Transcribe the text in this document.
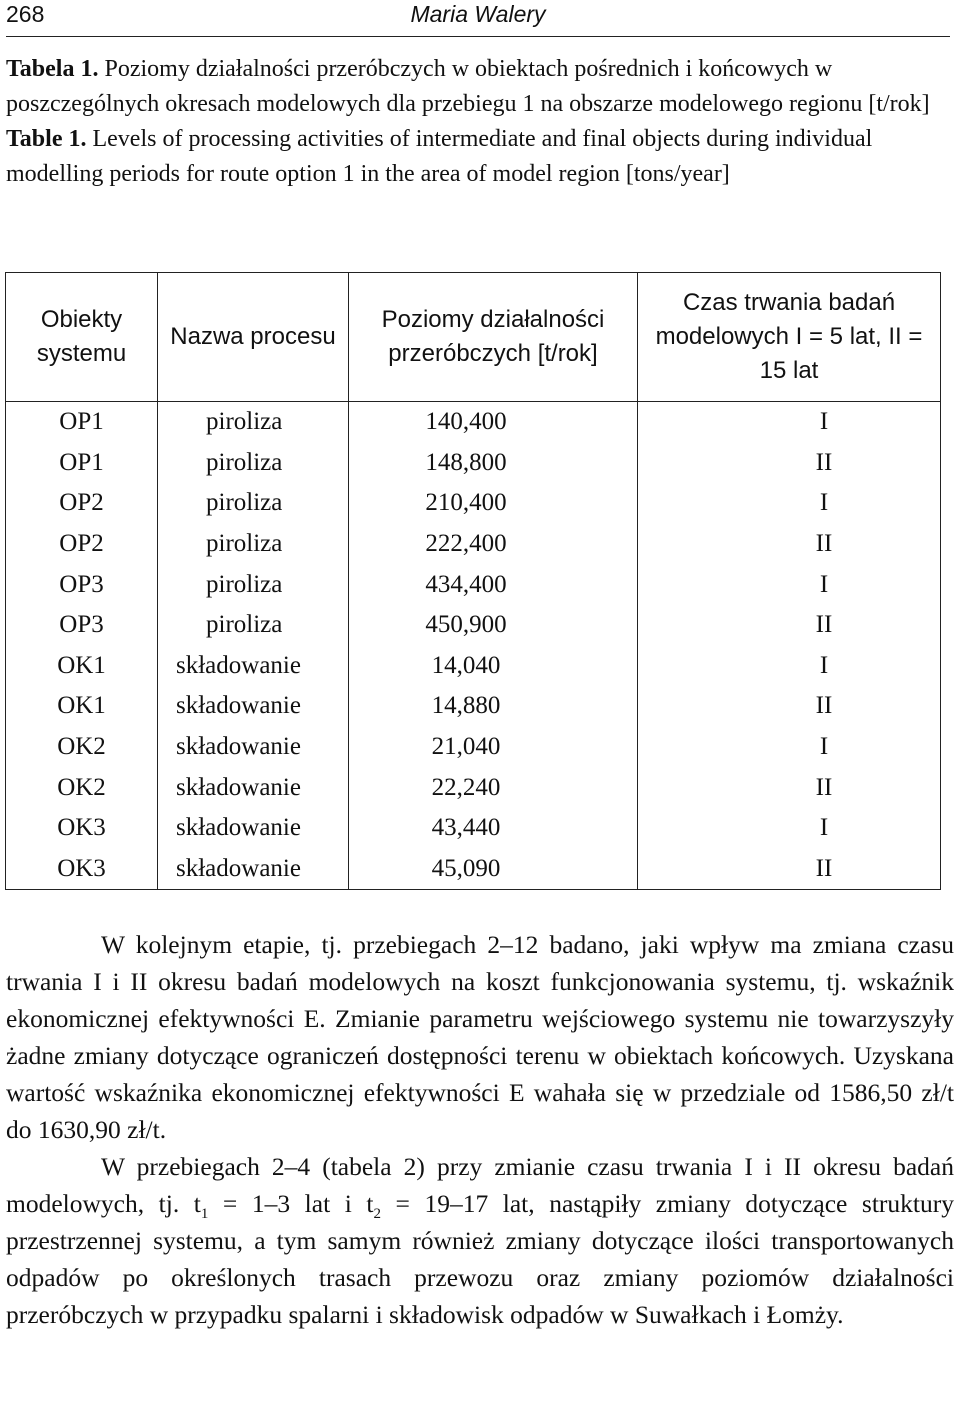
268	Maria Walery
Tabela 1. Poziomy działalności przeróbczych w obiektach pośrednich i końcowych w poszczególnych okresach modelowych dla przebiegu 1 na obszarze modelowego regionu [t/rok]
Table 1. Levels of processing activities of intermediate and final objects during individual modelling periods for route option 1 in the area of model region [tons/year]
Obiekty systemu	Nazwa procesu	Poziomy działalności przeróbczych [t/rok]	Czas trwania badań modelowych I = 5 lat, II = 15 lat
OP1	piroliza	140,400	I
OP1	piroliza	148,800	II
OP2	piroliza	210,400	I
OP2	piroliza	222,400	II
OP3	piroliza	434,400	I
OP3	piroliza	450,900	II
OK1	składowanie	14,040	I
OK1	składowanie	14,880	II
OK2	składowanie	21,040	I
OK2	składowanie	22,240	II
OK3	składowanie	43,440	I
OK3	składowanie	45,090	II

W kolejnym etapie, tj. przebiegach 2–12 badano, jaki wpływ ma zmiana czasu trwania I i II okresu badań modelowych na koszt funkcjonowania systemu, tj. wskaźnik ekonomicznej efektywności E. Zmianie parametru wejściowego systemu nie towarzyszyły żadne zmiany dotyczące ograniczeń dostępności terenu w obiektach końcowych. Uzyskana wartość wskaźnika ekonomicznej efektywności E wahała się w przedziale od 1586,50 zł/t do 1630,90 zł/t.

W przebiegach 2–4 (tabela 2) przy zmianie czasu trwania I i II okresu badań modelowych, tj. $t_1 = 1-3$ lat i $t_2 = 19-17$ lat, nastąpiły zmiany dotyczące struktury przestrzennej systemu, a tym samym również zmiany dotyczące ilości transportowanych odpadów po określonych trasach przewozu oraz zmiany poziomów działalności przeróbczych w przypadku spalarni i składowisk odpadów w Suwałkach i Łomży.
